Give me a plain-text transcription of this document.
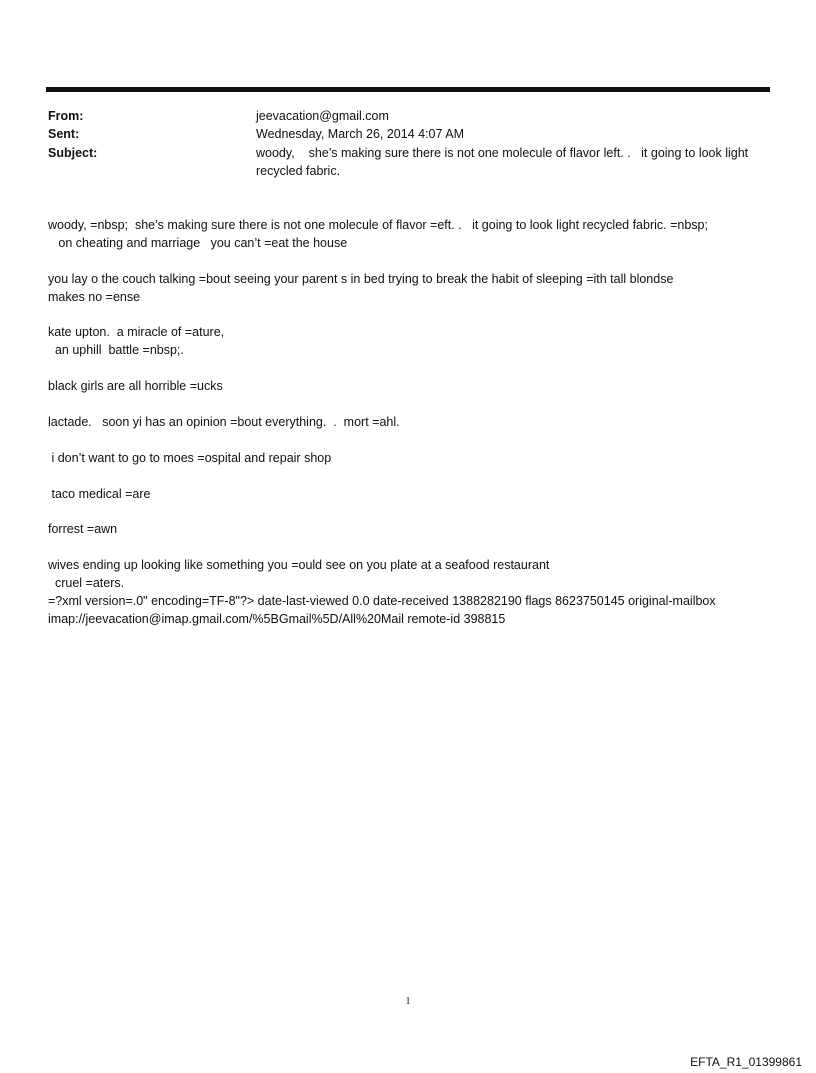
From:	jeevacation@gmail.com
Sent:	Wednesday, March 26, 2014 4:07 AM
Subject:	woody,    she’s making sure there is not one molecule of flavor left. .   it going to look light recycled fabric.
woody, =nbsp;  she’s making sure there is not one molecule of flavor =eft. .   it going to look light recycled fabric. =nbsp;
on cheating and marriage   you can’t =eat the house
you lay o the couch talking =bout seeing your parent s in bed trying to break the habit of sleeping =ith tall blondse
makes no =ense
kate upton.  a miracle of =ature,
an uphill  battle =nbsp;.
black girls are all horrible =ucks
lactade.   soon yi has an opinion =bout everything.  .  mort =ahl.
i don’t want to go to moes =ospital and repair shop
taco medical =are
forrest =awn
wives ending up looking like something you =ould see on you plate at a seafood restaurant
cruel =aters.
=?xml version=.0" encoding=TF-8"?> date-last-viewed 0.0 date-received 1388282190 flags 8623750145 original-mailbox
imap://jeevacation@imap.gmail.com/%5BGmail%5D/All%20Mail remote-id 398815
1
EFTA_R1_01399861
